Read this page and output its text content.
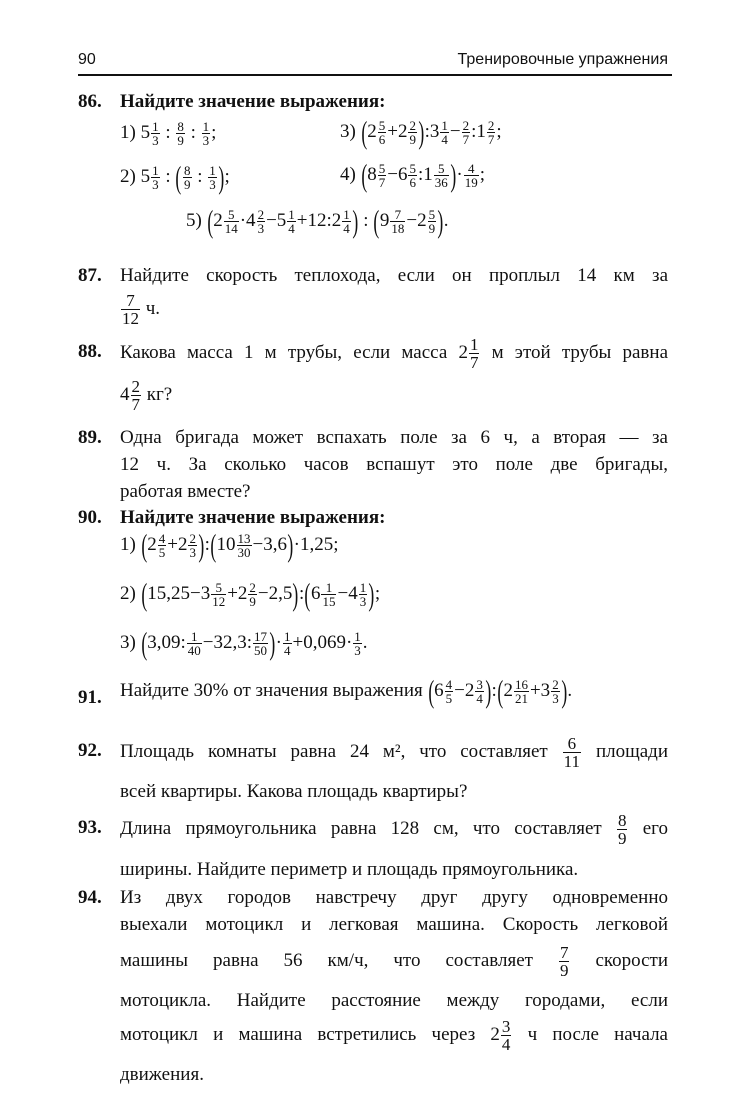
90	Тренировочные упражнения
86. Найдите значение выражения:
1) $5 \frac{1}{3}$ : $\frac{8}{9}$ : $\frac{1}{3}$ ;	3) ($2 \frac{5}{6} +2 \frac{2}{9}$ ):3 $\frac{1}{4} - \frac{2}{7}$ :1 $\frac{2}{7}$ ;
2) $5 \frac{1}{3}$ : ( $\frac{8}{9}$ : $\frac{1}{3}$ );	4) ($8 \frac{5}{7} -6 \frac{5}{6}$ :1 $\frac{5}{36}$ )· $\frac{4}{19}$ ;
5) ($2 \frac{5}{14} \cdot 4 \frac{2}{3} -5 \frac{1}{4}$ +12:2 $\frac{1}{4}$ ) : ($9 \frac{7}{18} -2 \frac{5}{9}$ ).
87. Найдите скорость теплохода, если он проплыл 14 км за
$\frac{7}{12} ч$.
88. Какова масса 1 м трубы, если масса $2 \frac{1}{7}$ м этой трубы равна
$4 \frac{2}{7}$ кг?
89. Одна бригада может вспахать поле за 6 ч, а вторая — за
12 ч. За сколько часов вспашут это поле две бригады,
работая вместе?
90. Найдите значение выражения:
1) ($2 \frac{4}{5} +2 \frac{2}{3}$ ):(10 $\frac{13}{30} -3,6)\cdot 1,25$;
2) ($15,25-3 \frac{5}{12} +2 \frac{2}{9}$ −2,5):(6 $\frac{1}{15} -4 \frac{1}{3}$ );
3) (3,09: $\frac{1}{40} -32,3$: $\frac{17}{50}$ )· $\frac{1}{4} +0,069\cdot \frac{1}{3}$ .
91. Найдите 30% от значения выражения ($6 \frac{4}{5} -2 \frac{3}{4}$ ):(2 $\frac{16}{21} +3 \frac{2}{3}$ ).
92. Площадь комнаты равна 24 м², что составляет $\frac{6}{11}$ площади
всей квартиры. Какова площадь квартиры?
93. Длина прямоугольника равна 128 см, что составляет $\frac{8}{9}$ его
ширины. Найдите периметр и площадь прямоугольника.
94. Из двух городов навстречу друг другу одновременно
выехали мотоцикл и легковая машина. Скорость легковой
машины равна 56 км/ч, что составляет $\frac{7}{9}$ скорости
мотоцикла. Найдите расстояние между городами, если
мотоцикл и машина встретились через $2 \frac{3}{4}$ ч после начала
движения.
